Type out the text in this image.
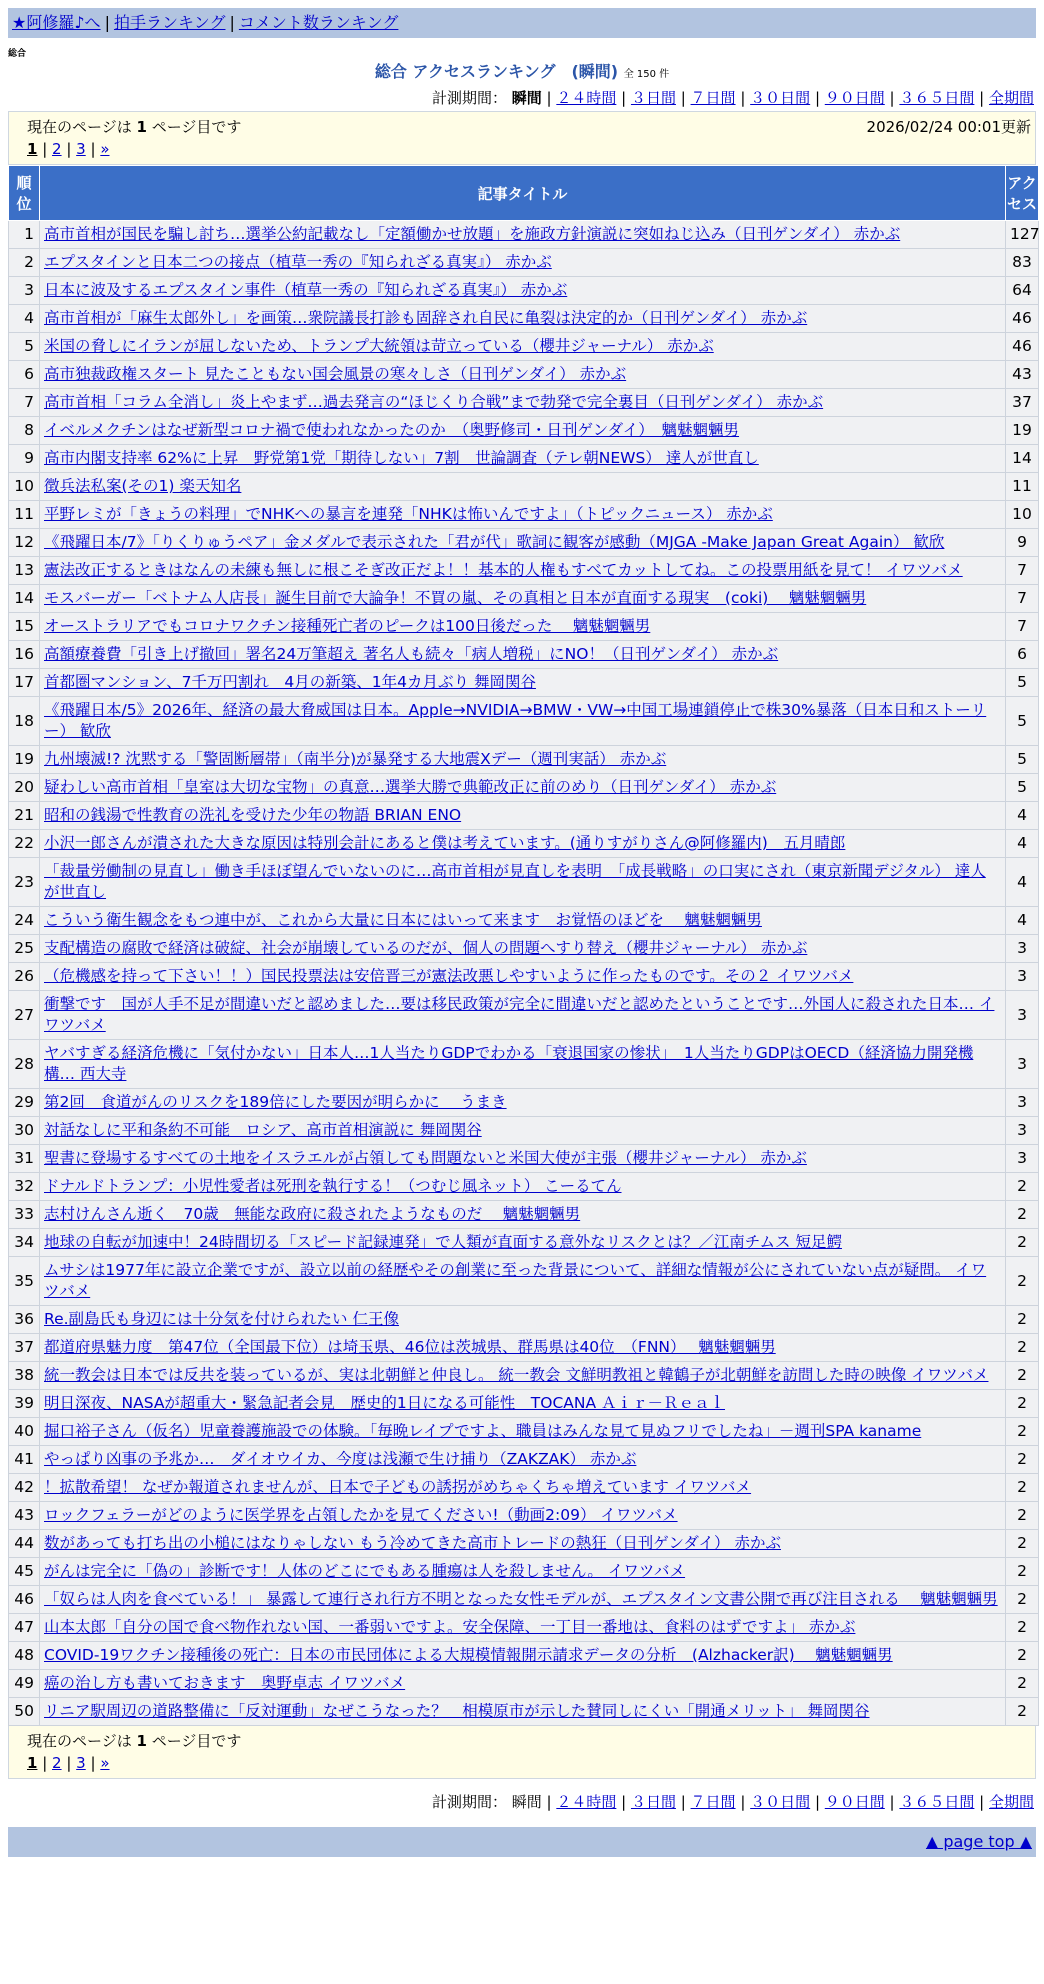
★阿修羅♪へ | 拍手ランキング | コメント数ランキング
総合
総合 アクセスランキング　(瞬間) 全 150 件
計測期間： 瞬間 | ２４時間 | ３日間 | ７日間 | ３０日間 | ９０日間 | ３６５日間 | 全期間
現在のページは 1 ページ目です	2026/02/24 00:01更新
1 | 2 | 3 | »
順位	記事タイトル	アクセス
1	高市首相が国民を騙し討ち…選挙公約記載なし「定額働かせ放題」を施政方針演説に突如ねじ込み（日刊ゲンダイ） 赤かぶ	127
2	エプスタインと日本二つの接点（植草一秀の『知られざる真実』） 赤かぶ	83
3	日本に波及するエプスタイン事件（植草一秀の『知られざる真実』） 赤かぶ	64
4	高市首相が「麻生太郎外し」を画策…衆院議長打診も固辞され自民に亀裂は決定的か（日刊ゲンダイ） 赤かぶ	46
5	米国の脅しにイランが屈しないため、トランプ大統領は苛立っている（櫻井ジャーナル） 赤かぶ	46
6	高市独裁政権スタート 見たこともない国会風景の寒々しさ（日刊ゲンダイ） 赤かぶ	43
7	高市首相「コラム全消し」炎上やまず…過去発言の“ほじくり合戦”まで勃発で完全裏目（日刊ゲンダイ） 赤かぶ	37
8	イベルメクチンはなぜ新型コロナ禍で使われなかったのか　（奥野修司・日刊ゲンダイ）　魑魅魍魎男	19
9	高市内閣支持率 62%に上昇　野党第1党「期待しない」7割　世論調査（テレ朝NEWS） 達人が世直し	14
10	徴兵法私案(その1) 楽天知名	11
11	平野レミが「きょうの料理」でNHKへの暴言を連発「NHKは怖いんですよ」（トピックニュース） 赤かぶ	10
12	《飛躍日本/7》「りくりゅうペア」金メダルで表示された「君が代」歌詞に観客が感動（MJGA -Make Japan Great Again） 歓欣	9
13	憲法改正するときはなんの未練も無しに根こそぎ改正だよ！！基本的人権もすべてカットしてね。この投票用紙を見て！ イワツバメ	7
14	モスバーガー「ベトナム人店長」誕生目前で大論争！不買の嵐、その真相と日本が直面する現実　(coki)　 魑魅魍魎男	7
15	オーストラリアでもコロナワクチン接種死亡者のピークは100日後だった　 魑魅魍魎男	7
16	高額療養費「引き上げ撤回」署名24万筆超え 著名人も続々「病人増税」にNO！（日刊ゲンダイ） 赤かぶ	6
17	首都圏マンション、7千万円割れ　4月の新築、1年4カ月ぶり 舞岡関谷	5
18	《飛躍日本/5》2026年、経済の最大脅威国は日本。Apple→NVIDIA→BMW・VW→中国工場連鎖停止で株30%暴落（日本日和ストーリー） 歓欣	5
19	九州壊滅!? 沈黙する「警固断層帯」（南半分)が暴発する大地震Xデー（週刊実話） 赤かぶ	5
20	疑わしい高市首相「皇室は大切な宝物」の真意…選挙大勝で典範改正に前のめり（日刊ゲンダイ） 赤かぶ	5
21	昭和の銭湯で性教育の洗礼を受けた少年の物語 BRIAN ENO	4
22	小沢一郎さんが潰された大きな原因は特別会計にあると僕は考えています。(通りすがりさん@阿修羅内)　五月晴郎	4
23	「裁量労働制の見直し」働き手ほぼ望んでいないのに…高市首相が見直しを表明　「成長戦略」の口実にされ（東京新聞デジタル） 達人が世直し	4
24	こういう衛生観念をもつ連中が、これから大量に日本にはいって来ます　お覚悟のほどを　 魑魅魍魎男	4
25	支配構造の腐敗で経済は破綻、社会が崩壊しているのだが、個人の問題へすり替え（櫻井ジャーナル） 赤かぶ	3
26	（危機感を持って下さい！！）国民投票法は安倍晋三が憲法改悪しやすいように作ったものです。その２ イワツバメ	3
27	衝撃です　国が人手不足が間違いだと認めました…要は移民政策が完全に間違いだと認めたということです…外国人に殺された日本… イワツバメ	3
28	ヤバすぎる経済危機に「気付かない」日本人…1人当たりGDPでわかる「衰退国家の惨状」　1人当たりGDPはOECD（経済協力開発機構… 西大寺	3
29	第2回　食道がんのリスクを189倍にした要因が明らかに　 うまき	3
30	対話なしに平和条約不可能　ロシア、高市首相演説に 舞岡関谷	3
31	聖書に登場するすべての土地をイスラエルが占領しても問題ないと米国大使が主張（櫻井ジャーナル） 赤かぶ	3
32	ドナルドトランプ：小児性愛者は死刑を執行する！（つむじ風ネット） こーるてん	2
33	志村けんさん逝く　70歳　無能な政府に殺されたようなものだ　 魑魅魍魎男	2
34	地球の自転が加速中！24時間切る「スピード記録連発」で人類が直面する意外なリスクとは？／江南チムス 短足鰐	2
35	ムサシは1977年に設立企業ですが、設立以前の経歴やその創業に至った背景について、詳細な情報が公にされていない点が疑問。 イワツバメ	2
36	Re.副島氏も身辺には十分気を付けられたい 仁王像	2
37	都道府県魅力度　第47位（全国最下位）は埼玉県、46位は茨城県、群馬県は40位　（FNN）　 魑魅魍魎男	2
38	統一教会は日本では反共を装っているが、実は北朝鮮と仲良し。 統一教会 文鮮明教祖と韓鶴子が北朝鮮を訪問した時の映像 イワツバメ	2
39	明日深夜、NASAが超重大・緊急記者会見　歴史的1日になる可能性　TOCANA Ａｉｒ－Ｒｅａｌ	2
40	掘口裕子さん（仮名）児童養護施設での体験。「毎晩レイプですよ、職員はみんな見て見ぬフリでしたね」－週刊SPA kaname	2
41	やっぱり凶事の予兆か…　ダイオウイカ、今度は浅瀬で生け捕り（ZAKZAK） 赤かぶ	2
42	！拡散希望！ なぜか報道されませんが、日本で子どもの誘拐がめちゃくちゃ増えています イワツバメ	2
43	ロックフェラーがどのように医学界を占領したかを見てください!（動画2:09） イワツバメ	2
44	数があっても打ち出の小槌にはなりゃしない もう冷めてきた高市トレードの熱狂（日刊ゲンダイ） 赤かぶ	2
45	がんは完全に「偽の」診断です！人体のどこにでもある腫瘍は人を殺しません。 イワツバメ	2
46	「奴らは人肉を食べている！」 暴露して連行され行方不明となった女性モデルが、エプスタイン文書公開で再び注目される　 魑魅魍魎男	2
47	山本太郎「自分の国で食べ物作れない国、一番弱いですよ。安全保障、一丁目一番地は、食料のはずですよ」 赤かぶ	2
48	COVID-19ワクチン接種後の死亡：日本の市民団体による大規模情報開示請求データの分析　(Alzhacker訳)　 魑魅魍魎男	2
49	癌の治し方も書いておきます　奥野卓志 イワツバメ	2
50	リニア駅周辺の道路整備に「反対運動」なぜこうなった？　相模原市が示した賛同しにくい「開通メリット」 舞岡関谷	2
現在のページは 1 ページ目です
1 | 2 | 3 | »
計測期間： 瞬間 | ２４時間 | ３日間 | ７日間 | ３０日間 | ９０日間 | ３６５日間 | 全期間
▲ page top ▲
